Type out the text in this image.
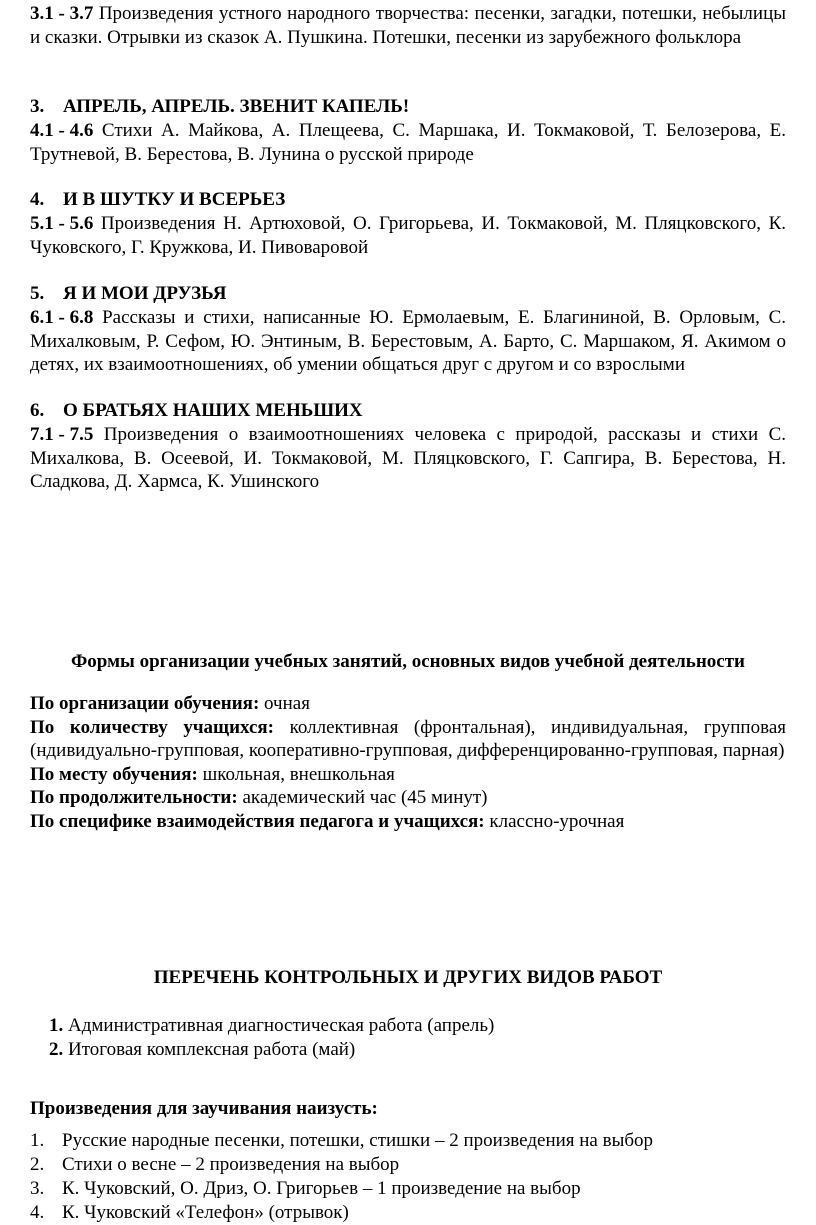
3.1 - 3.7 Произведения устного народного творчества: песенки, загадки, потешки, небылицы и сказки. Отрывки из сказок А. Пушкина. Потешки, песенки из зарубежного фольклора

3. АПРЕЛЬ, АПРЕЛЬ. ЗВЕНИТ КАПЕЛЬ!

4.1 - 4.6 Стихи А. Майкова, А. Плещеева, С. Маршака, И. Токмаковой, Т. Белозерова, Е. Трутневой, В. Берестова, В. Лунина о русской природе

4. И В ШУТКУ И ВСЕРЬЕЗ

5.1 - 5.6 Произведения Н. Артюховой, О. Григорьева, И. Токмаковой, М. Пляцковского, К. Чуковского, Г. Кружкова, И. Пивоваровой

5. Я И МОИ ДРУЗЬЯ

6.1 - 6.8 Рассказы и стихи, написанные Ю. Ермолаевым, Е. Благининой, В. Орловым, С. Михалковым, Р. Сефом, Ю. Энтиным, В. Берестовым, А. Барто, С. Маршаком, Я. Акимом о детях, их взаимоотношениях, об умении общаться друг с другом и со взрослыми

6. О БРАТЬЯХ НАШИХ МЕНЬШИХ

7.1 - 7.5 Произведения о взаимоотношениях человека с природой, рассказы и стихи С. Михалкова, В. Осеевой, И. Токмаковой, М. Пляцковского, Г. Сапгира, В. Берестова, Н. Сладкова, Д. Хармса, К. Ушинского

Формы организации учебных занятий, основных видов учебной деятельности
По организации обучения: очная
По количеству учащихся: коллективная (фронтальная), индивидуальная, групповая (ндивидуально-групповая, кооперативно-групповая, дифференцированно-групповая, парная)
По месту обучения: школьная, внешкольная
По продолжительности: академический час (45 минут)
По специфике взаимодействия педагога и учащихся: классно-урочная
ПЕРЕЧЕНЬ КОНТРОЛЬНЫХ И ДРУГИХ ВИДОВ РАБОТ
1. Административная диагностическая работа (апрель)
2. Итоговая комплексная работа (май)
Произведения для заучивания наизусть:
1. Русские народные песенки, потешки, стишки – 2 произведения на выбор
2. Стихи о весне – 2 произведения на выбор
3. К. Чуковский, О. Дриз, О. Григорьев – 1 произведение на выбор
4. К. Чуковский «Телефон» (отрывок)
